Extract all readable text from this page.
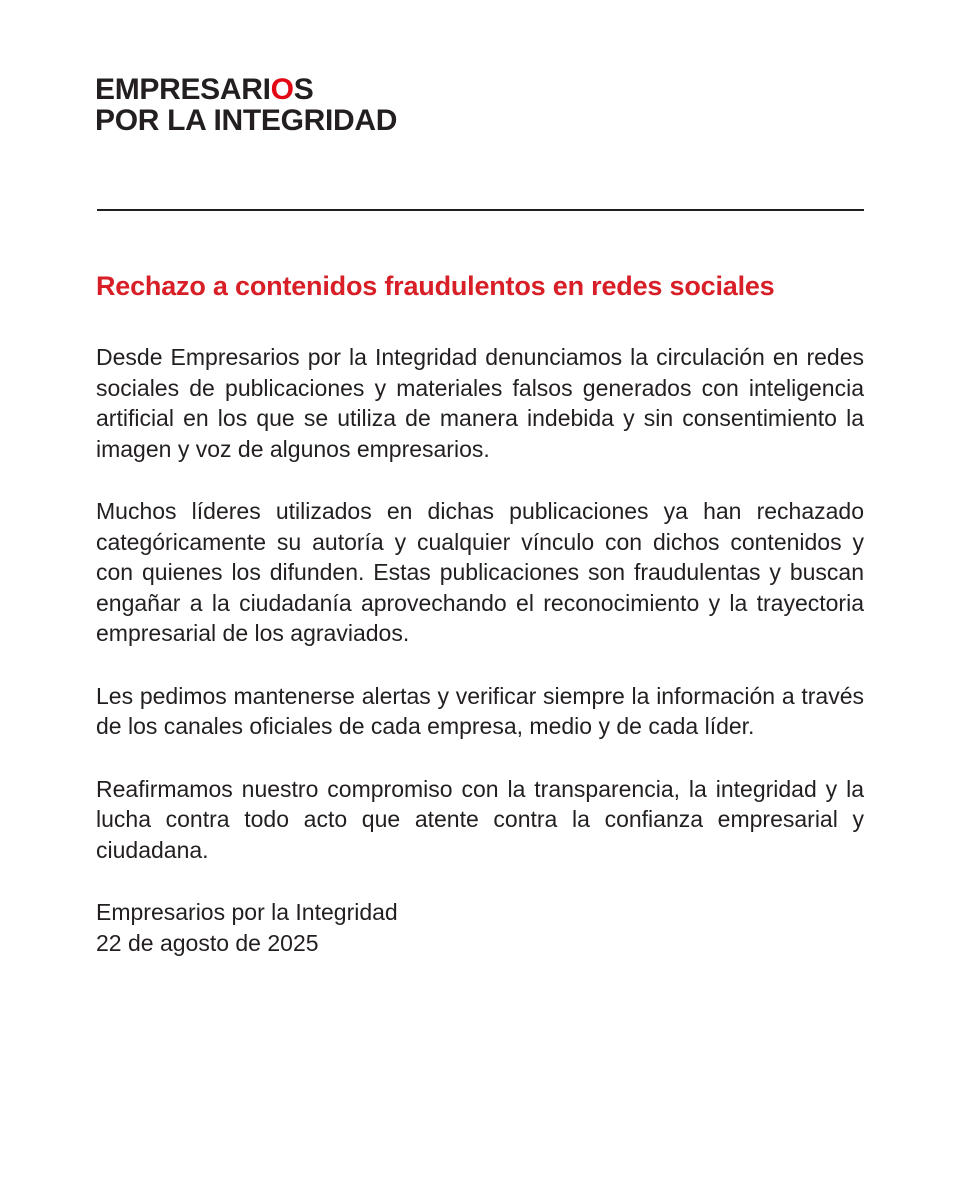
EMPRESARIOS
POR LA INTEGRIDAD
Rechazo a contenidos fraudulentos en redes sociales

Desde Empresarios por la Integridad denunciamos la circulación en redes sociales de publicaciones y materiales falsos generados con inteligencia artificial en los que se utiliza de manera indebida y sin consentimiento la imagen y voz de algunos empresarios.

Muchos líderes utilizados en dichas publicaciones ya han rechazado categóricamente su autoría y cualquier vínculo con dichos contenidos y con quienes los difunden. Estas publicaciones son fraudulentas y buscan engañar a la ciudadanía aprovechando el reconocimiento y la trayectoria empresarial de los agraviados.

Les pedimos mantenerse alertas y verificar siempre la información a través de los canales oficiales de cada empresa, medio y de cada líder.

Reafirmamos nuestro compromiso con la transparencia, la integridad y la lucha contra todo acto que atente contra la confianza empresarial y ciudadana.

Empresarios por la Integridad
22 de agosto de 2025
